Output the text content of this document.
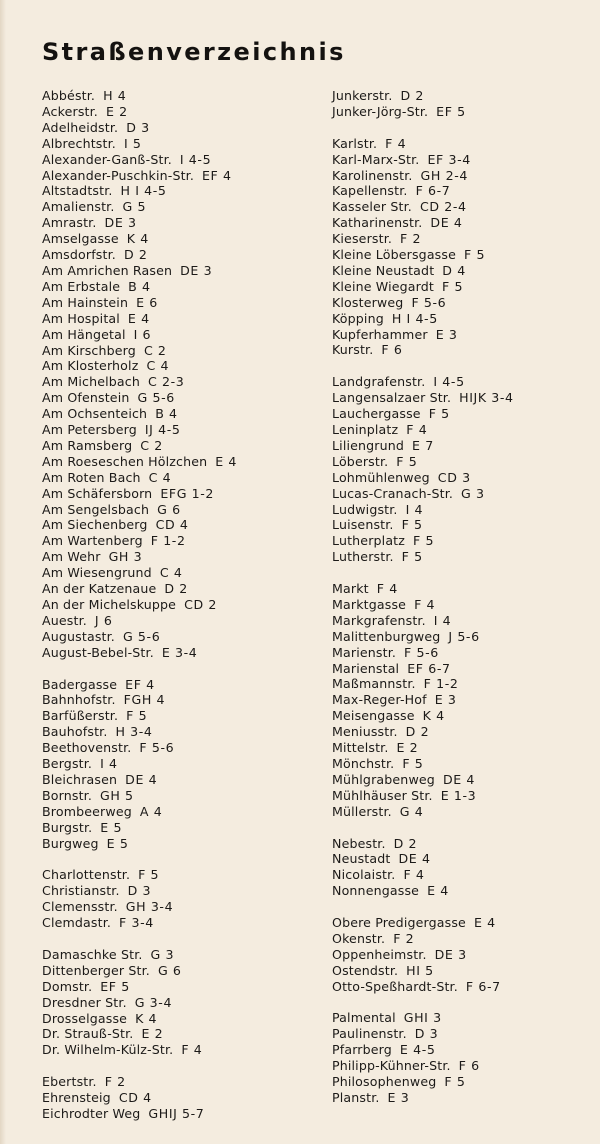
Straßenverzeichnis
Abbéstr. H 4
Ackerstr. E 2
Adelheidstr. D 3
Albrechtstr. I 5
Alexander-Ganß-Str. I 4-5
Alexander-Puschkin-Str. EF 4
Altstadtstr. H I 4-5
Amalienstr. G 5
Amrastr. DE 3
Amselgasse K 4
Amsdorfstr. D 2
Am Amrichen Rasen DE 3
Am Erbstale B 4
Am Hainstein E 6
Am Hospital E 4
Am Hängetal I 6
Am Kirschberg C 2
Am Klosterholz C 4
Am Michelbach C 2-3
Am Ofenstein G 5-6
Am Ochsenteich B 4
Am Petersberg IJ 4-5
Am Ramsberg C 2
Am Roeseschen Hölzchen E 4
Am Roten Bach C 4
Am Schäfersborn EFG 1-2
Am Sengelsbach G 6
Am Siechenberg CD 4
Am Wartenberg F 1-2
Am Wehr GH 3
Am Wiesengrund C 4
An der Katzenaue D 2
An der Michelskuppe CD 2
Auestr. J 6
Augustastr. G 5-6
August-Bebel-Str. E 3-4
Badergasse EF 4
Bahnhofstr. FGH 4
Barfüßerstr. F 5
Bauhofstr. H 3-4
Beethovenstr. F 5-6
Bergstr. I 4
Bleichrasen DE 4
Bornstr. GH 5
Brombeerweg A 4
Burgstr. E 5
Burgweg E 5
Charlottenstr. F 5
Christianstr. D 3
Clemensstr. GH 3-4
Clemdastr. F 3-4
Damaschke Str. G 3
Dittenberger Str. G 6
Domstr. EF 5
Dresdner Str. G 3-4
Drosselgasse K 4
Dr. Strauß-Str. E 2
Dr. Wilhelm-Külz-Str. F 4
Ebertstr. F 2
Ehrensteig CD 4
Eichrodter Weg GHIJ 5-7
Junkerstr. D 2
Junker-Jörg-Str. EF 5
Karlstr. F 4
Karl-Marx-Str. EF 3-4
Karolinenstr. GH 2-4
Kapellenstr. F 6-7
Kasseler Str. CD 2-4
Katharinenstr. DE 4
Kieserstr. F 2
Kleine Löbersgasse F 5
Kleine Neustadt D 4
Kleine Wiegardt F 5
Klosterweg F 5-6
Köpping H I 4-5
Kupferhammer E 3
Kurstr. F 6
Landgrafenstr. I 4-5
Langensalzaer Str. HIJK 3-4
Lauchergasse F 5
Leninplatz F 4
Liliengrund E 7
Löberstr. F 5
Lohmühlenweg CD 3
Lucas-Cranach-Str. G 3
Ludwigstr. I 4
Luisenstr. F 5
Lutherplatz F 5
Lutherstr. F 5
Markt F 4
Marktgasse F 4
Markgrafenstr. I 4
Malittenburgweg J 5-6
Marienstr. F 5-6
Marienstal EF 6-7
Maßmannstr. F 1-2
Max-Reger-Hof E 3
Meisengasse K 4
Meniusstr. D 2
Mittelstr. E 2
Mönchstr. F 5
Mühlgrabenweg DE 4
Mühlhäuser Str. E 1-3
Müllerstr. G 4
Nebestr. D 2
Neustadt DE 4
Nicolaistr. F 4
Nonnengasse E 4
Obere Predigergasse E 4
Okenstr. F 2
Oppenheimstr. DE 3
Ostendstr. HI 5
Otto-Speßhardt-Str. F 6-7
Palmental GHI 3
Paulinenstr. D 3
Pfarrberg E 4-5
Philipp-Kühner-Str. F 6
Philosophenweg F 5
Planstr. E 3
